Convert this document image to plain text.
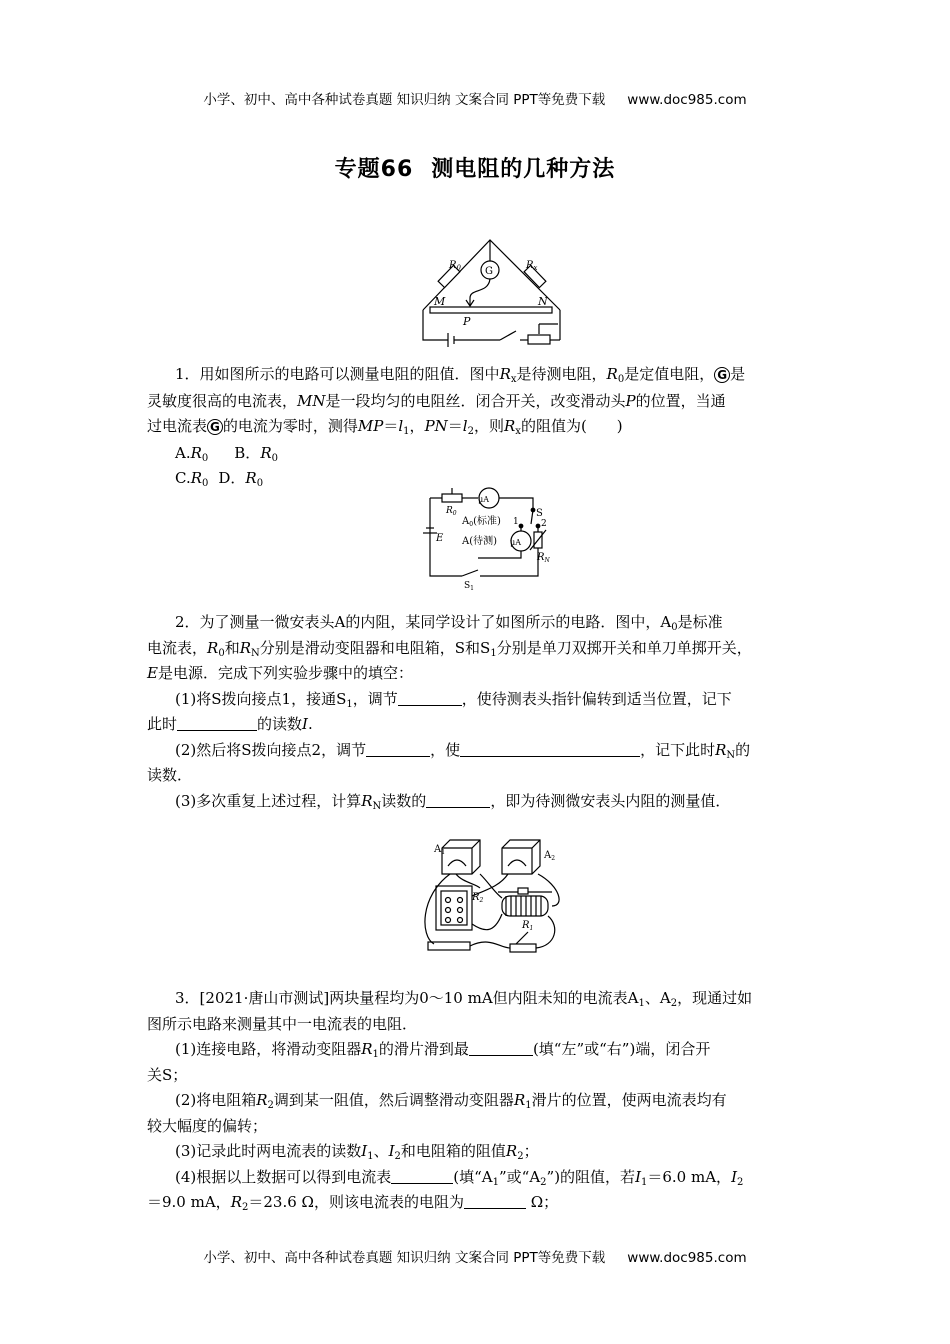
小学、初中、高中各种试卷真题 知识归纳 文案合同 PPT等免费下载 www.doc985.com
专题66 测电阻的几种方法
$R_0$	$R_x$
G
M	N
P
1．用如图所示的电路可以测量电阻的阻值．图中$R_x$是待测电阻，$R_0$是定值电阻， G 是
灵敏度很高的电流表，MN是一段均匀的电阻丝．闭合开关，改变滑动头P的位置，当通
过电流表 G 的电流为零时，测得$MP=l_1$，$PN=l_2$，则$R_x$的阻值为(　　)
$A.R_0$ B．$R_0$
$C.R_0$ D．$R_0$
μA
μA
$R_0$
$A_0$(标准)
A(待测)
S
1 2
E
$R_N$
$S_1$
2．为了测量一微安表头A的内阻，某同学设计了如图所示的电路．图中，$A_0$是标准
电流表，$R_0$和$R_N$分别是滑动变阻器和电阻箱，S和$S_1$分别是单刀双掷开关和单刀单掷开关，
E是电源．完成下列实验步骤中的填空：
(1)将S拨向接点1，接通$S_1$，调节	，使待测表头指针偏转到适当位置，记下
此时	的读数I.
(2)然后将S拨向接点2，调节	，使	，记下此时$R_N$的
读数．
(3)多次重复上述过程，计算$R_N$读数的	，即为待测微安表头内阻的测量值．
$A_1$	$A_2$
$R_2$
$R_1$
3．[2021·唐山市测试]两块量程均为0～10 mA但内阻未知的电流表$A_1$、$A_2$，现通过如
图所示电路来测量其中一电流表的电阻．
(1)连接电路，将滑动变阻器$R_1$的滑片滑到最	(填“左”或“右”)端，闭合开
关S；
(2)将电阻箱$R_2$调到某一阻值，然后调整滑动变阻器$R_1$滑片的位置，使两电流表均有
较大幅度的偏转；
(3)记录此时两电流表的读数$I_1$、$I_2$和电阻箱的阻值$R_2$；
(4)根据以上数据可以得到电流表	(填“$A_1$”或“$A_2$”)的阻值，若$I_1=6.0$ mA，$I_2$
＝9.0 mA，$R_2=23.6$ Ω，则该电流表的电阻为	Ω；
小学、初中、高中各种试卷真题 知识归纳 文案合同 PPT等免费下载 www.doc985.com
